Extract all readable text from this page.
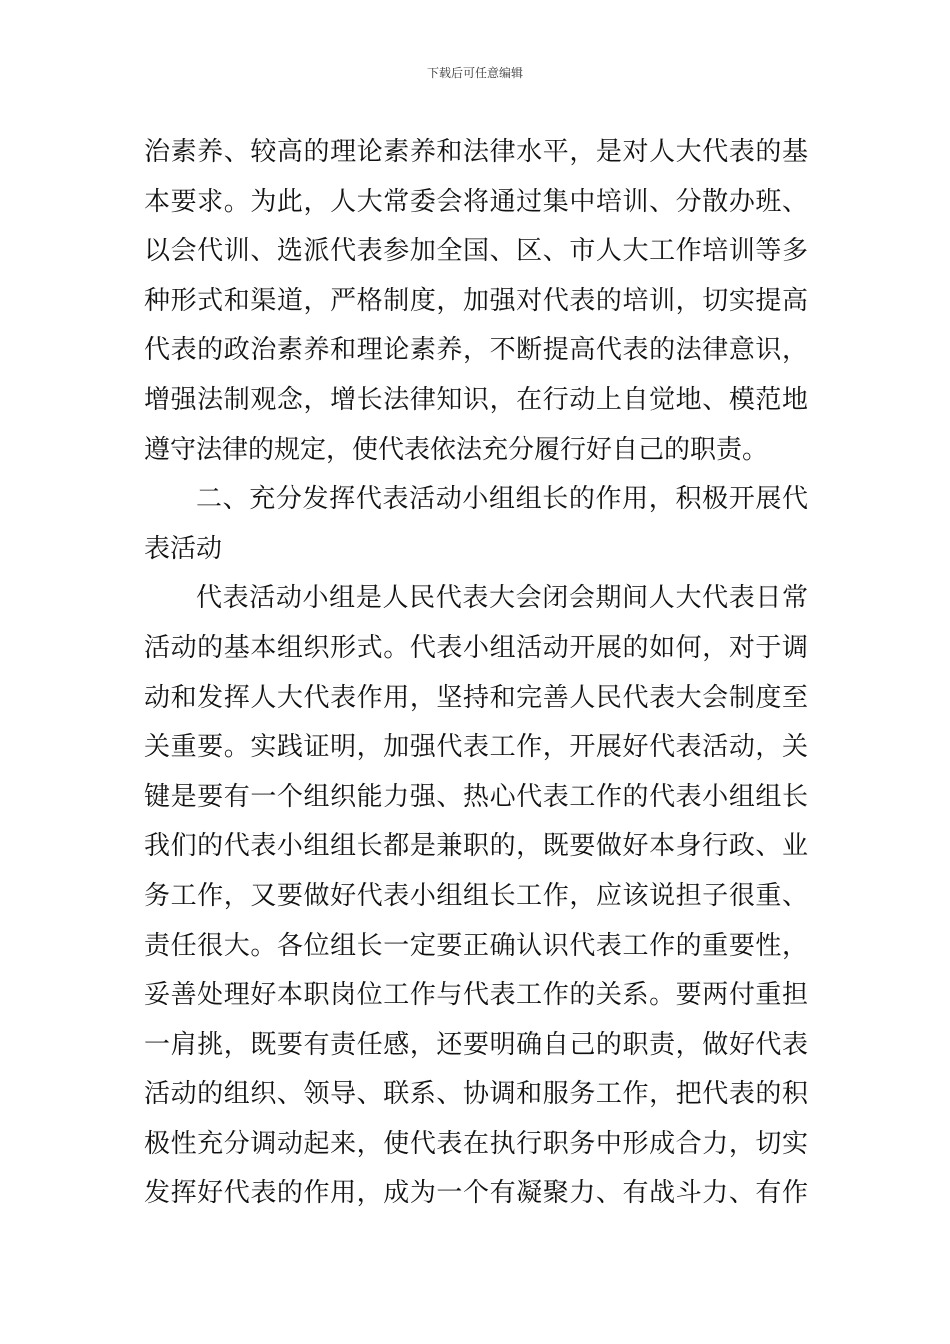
下载后可任意编辑
治素养、较高的理论素养和法律水平，是对人大代表的基
本要求。为此，人大常委会将通过集中培训、分散办班、
以会代训、选派代表参加全国、区、市人大工作培训等多
种形式和渠道，严格制度，加强对代表的培训，切实提高
代表的政治素养和理论素养，不断提高代表的法律意识，
增强法制观念，增长法律知识，在行动上自觉地、模范地
遵守法律的规定，使代表依法充分履行好自己的职责。
二、充分发挥代表活动小组组长的作用，积极开展代
表活动
代表活动小组是人民代表大会闭会期间人大代表日常
活动的基本组织形式。代表小组活动开展的如何，对于调
动和发挥人大代表作用，坚持和完善人民代表大会制度至
关重要。实践证明，加强代表工作，开展好代表活动，关
键是要有一个组织能力强、热心代表工作的代表小组组长
我们的代表小组组长都是兼职的，既要做好本身行政、业
务工作，又要做好代表小组组长工作，应该说担子很重、
责任很大。各位组长一定要正确认识代表工作的重要性，
妥善处理好本职岗位工作与代表工作的关系。要两付重担
一肩挑，既要有责任感，还要明确自己的职责，做好代表
活动的组织、领导、联系、协调和服务工作，把代表的积
极性充分调动起来，使代表在执行职务中形成合力，切实
发挥好代表的作用，成为一个有凝聚力、有战斗力、有作
